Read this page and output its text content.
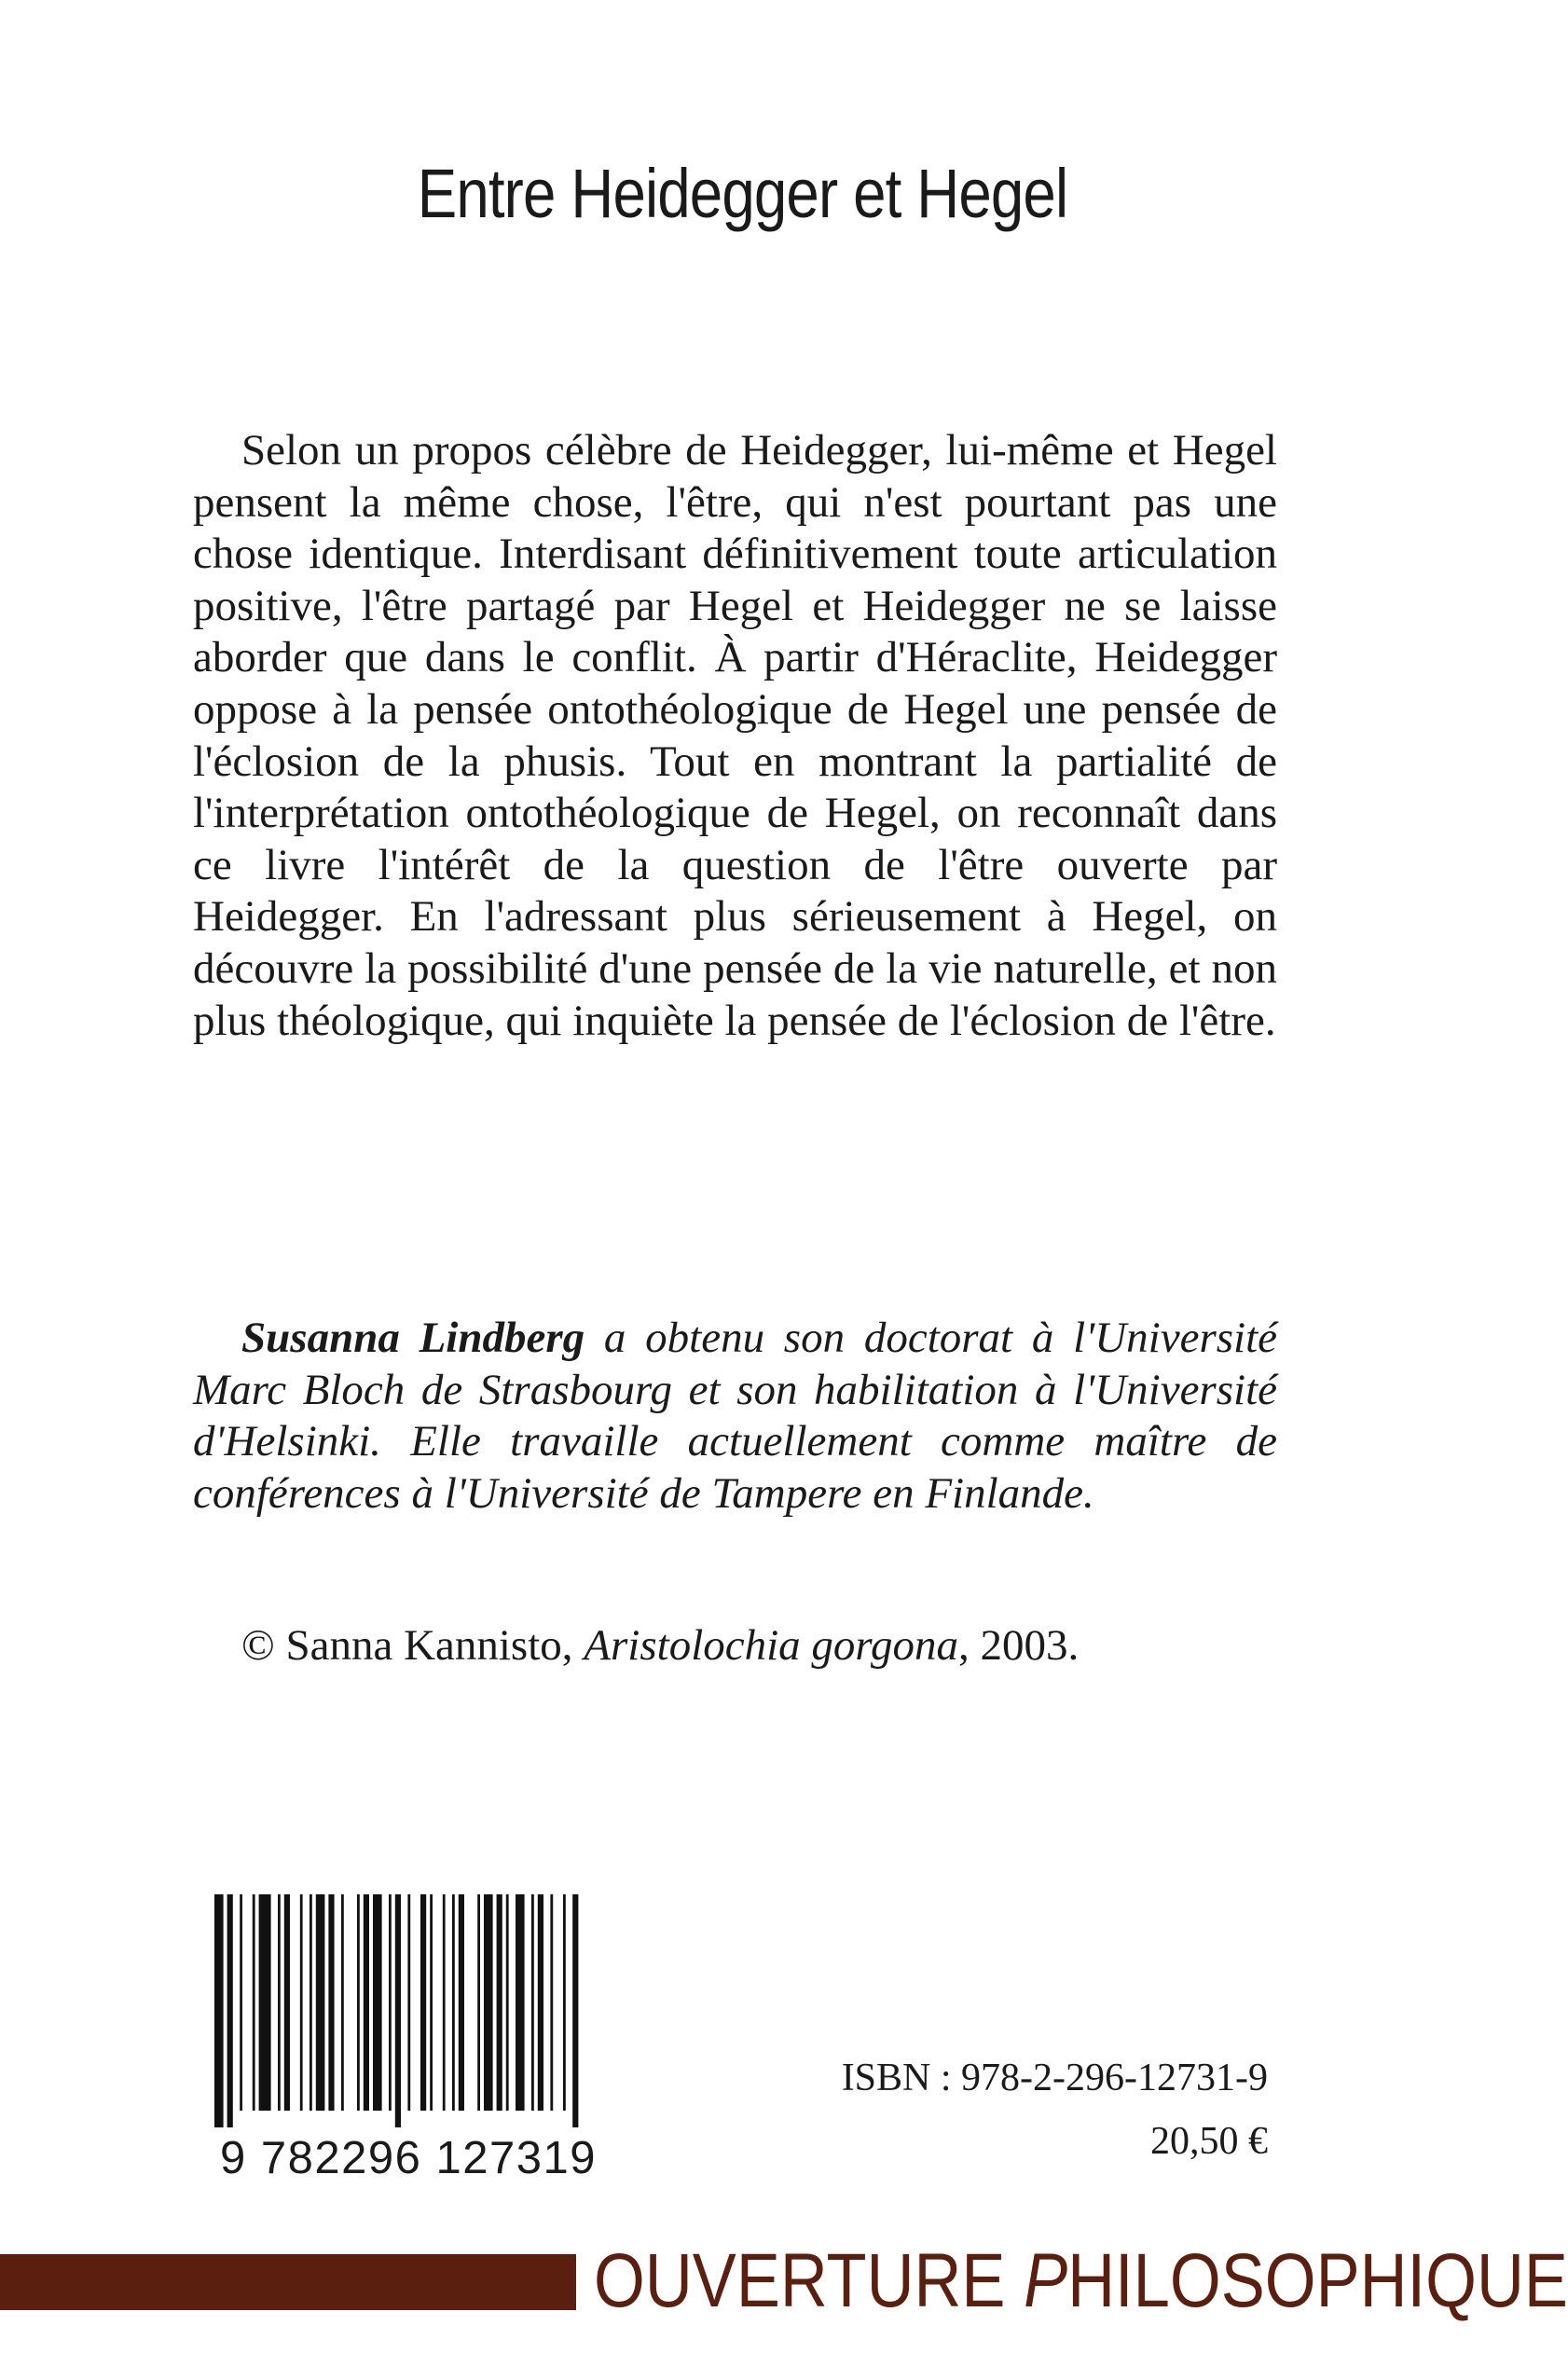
Entre Heidegger et Hegel

Selon un propos célèbre de Heidegger, lui-même et Hegel pensent la même chose, l'être, qui n'est pourtant pas une chose identique. Interdisant définitivement toute articulation positive, l'être partagé par Hegel et Heidegger ne se laisse aborder que dans le conflit. À partir d'Héraclite, Heidegger oppose à la pensée ontothéologique de Hegel une pensée de l'éclosion de la phusis. Tout en montrant la partialité de l'interprétation ontothéologique de Hegel, on reconnaît dans ce livre l'intérêt de la question de l'être ouverte par Heidegger. En l'adressant plus sérieusement à Hegel, on découvre la possibilité d'une pensée de la vie naturelle, et non plus théologique, qui inquiète la pensée de l'éclosion de l'être.

Susanna Lindberg a obtenu son doctorat à l'Université Marc Bloch de Strasbourg et son habilitation à l'Université d'Helsinki. Elle travaille actuellement comme maître de conférences à l'Université de Tampere en Finlande.

© Sanna Kannisto, Aristolochia gorgona, 2003.
9 782296 127319
ISBN : 978-2-296-12731-9
20,50 €
OUVERTURE PHILOSOPHIQUE
